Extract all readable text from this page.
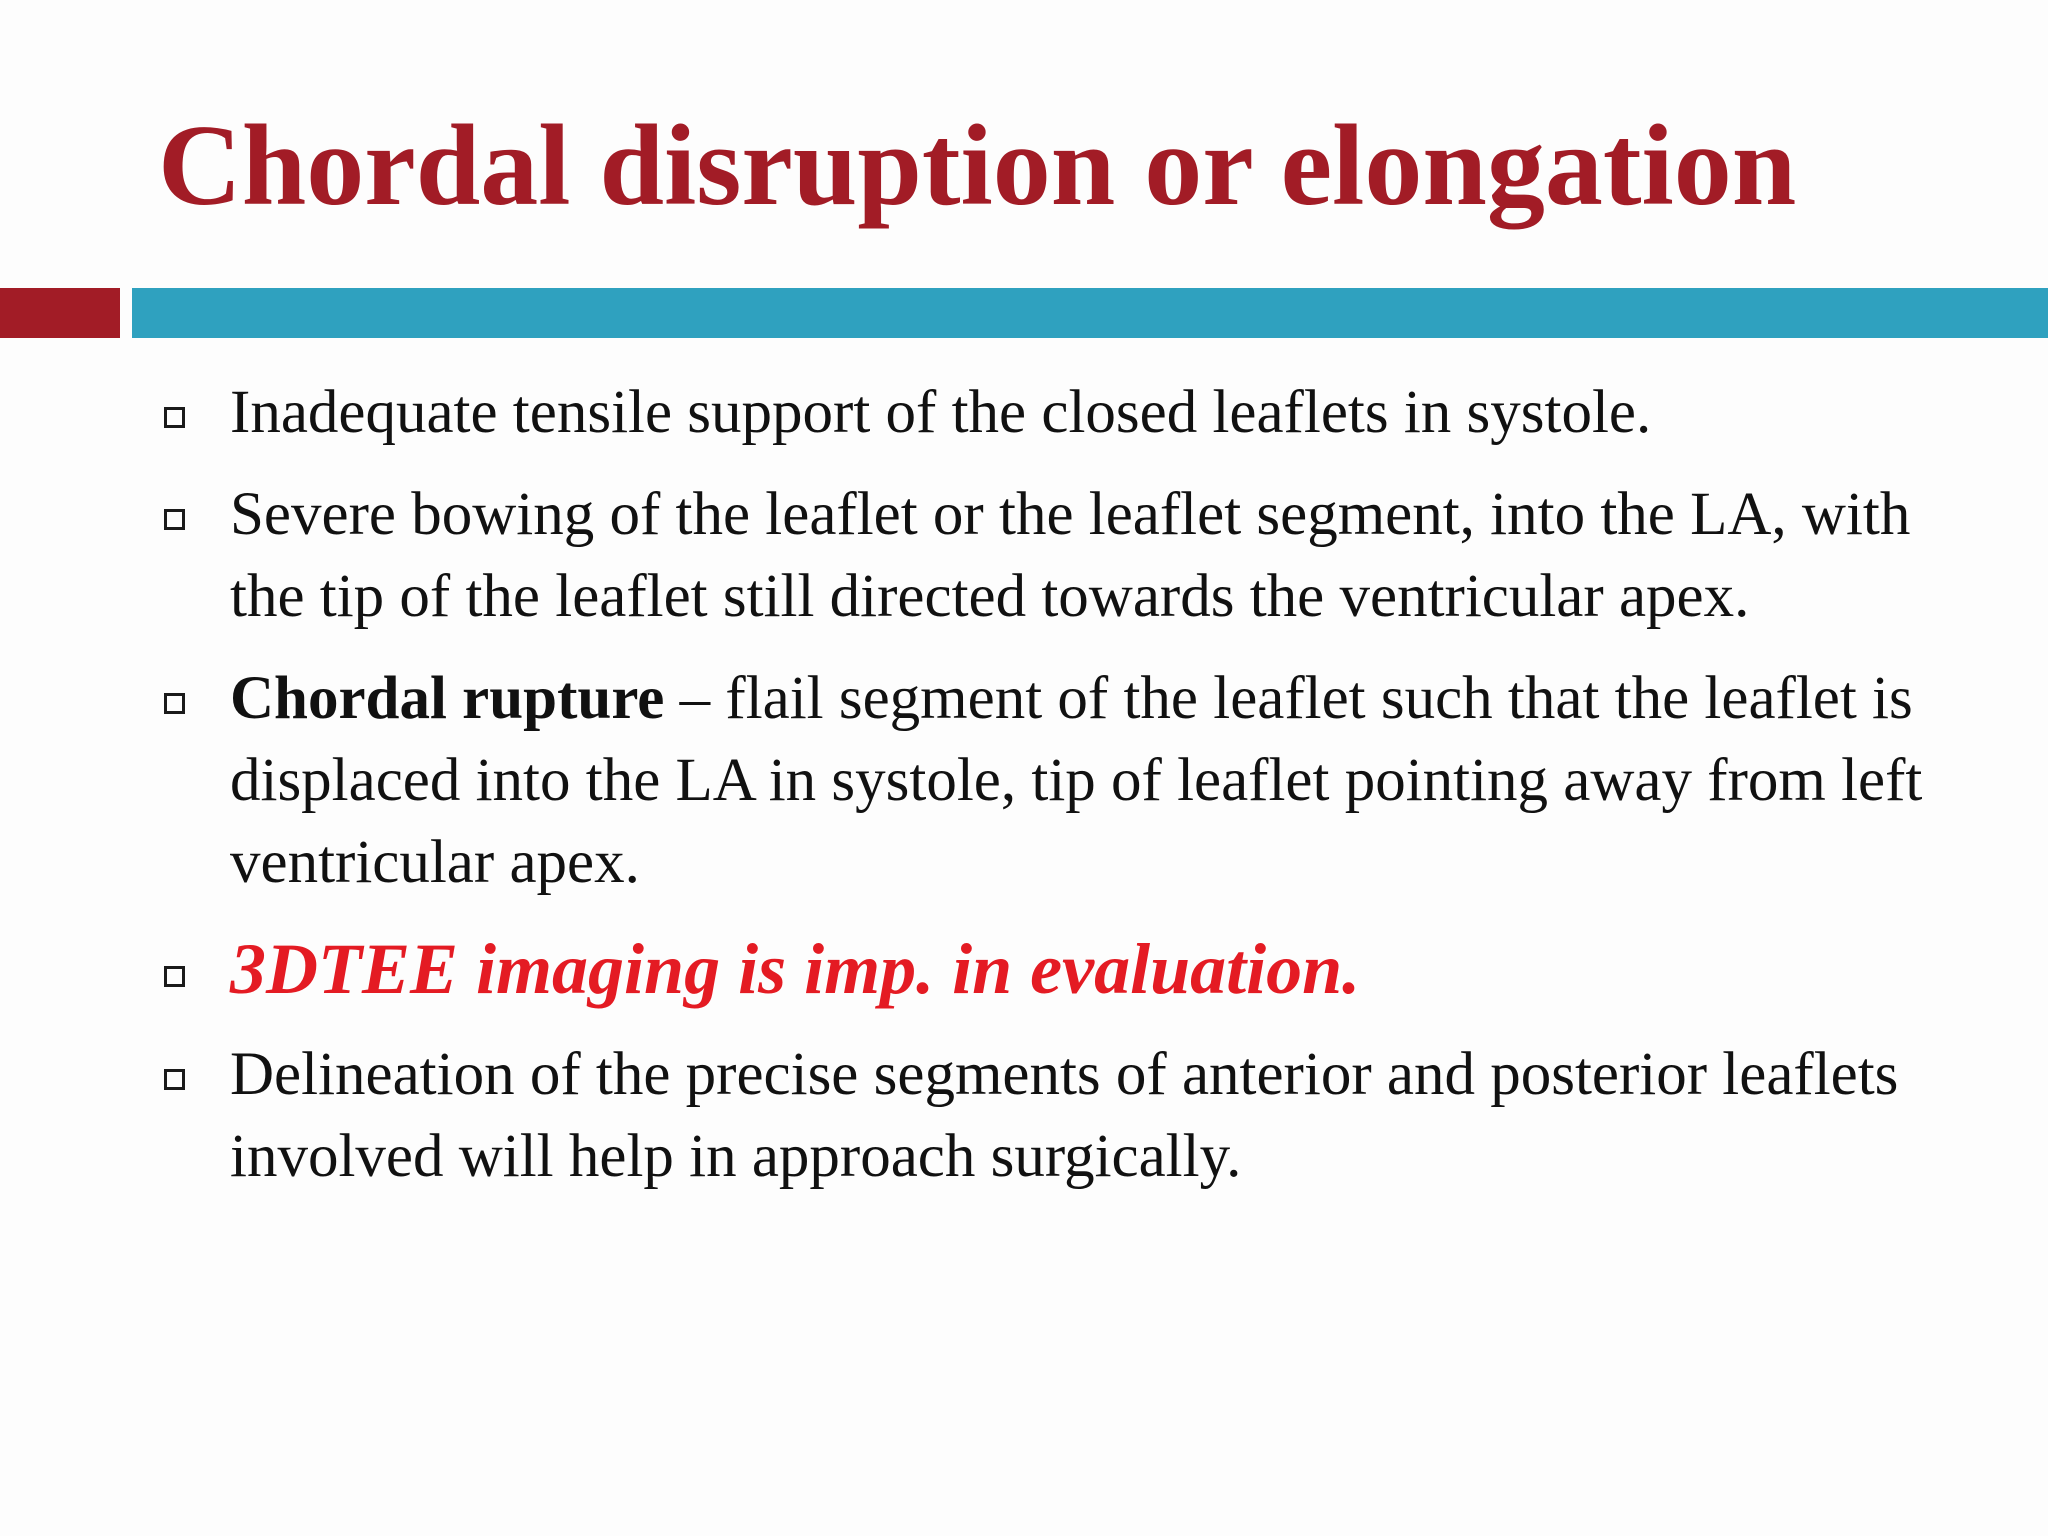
Chordal disruption or elongation
Inadequate tensile support of the closed leaflets in systole.
Severe bowing of the leaflet or the leaflet segment, into the LA, with the tip of the leaflet still directed towards the ventricular apex.
Chordal rupture – flail segment of the leaflet such that the leaflet is displaced into the LA in systole, tip of leaflet pointing away from left ventricular apex.
3DTEE imaging is imp. in evaluation.
Delineation of the precise segments of anterior and posterior leaflets involved will help in approach surgically.
